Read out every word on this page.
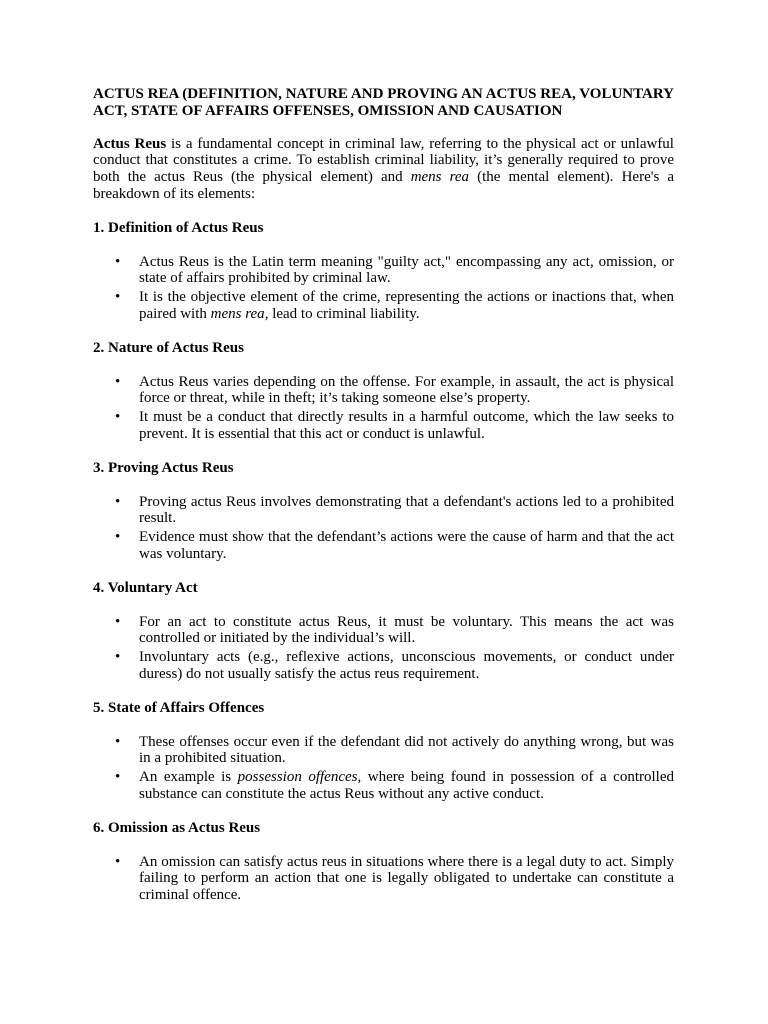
ACTUS REA (DEFINITION, NATURE AND PROVING AN ACTUS REA, VOLUNTARY ACT, STATE OF AFFAIRS OFFENSES, OMISSION AND CAUSATION

Actus Reus is a fundamental concept in criminal law, referring to the physical act or unlawful conduct that constitutes a crime. To establish criminal liability, it’s generally required to prove both the actus Reus (the physical element) and mens rea (the mental element). Here's a breakdown of its elements:

1. Definition of Actus Reus
• Actus Reus is the Latin term meaning "guilty act," encompassing any act, omission, or state of affairs prohibited by criminal law.
• It is the objective element of the crime, representing the actions or inactions that, when paired with mens rea, lead to criminal liability.
2. Nature of Actus Reus
• Actus Reus varies depending on the offense. For example, in assault, the act is physical force or threat, while in theft; it’s taking someone else’s property.
• It must be a conduct that directly results in a harmful outcome, which the law seeks to prevent. It is essential that this act or conduct is unlawful.
3. Proving Actus Reus
• Proving actus Reus involves demonstrating that a defendant's actions led to a prohibited result.
• Evidence must show that the defendant’s actions were the cause of harm and that the act was voluntary.
4. Voluntary Act
• For an act to constitute actus Reus, it must be voluntary. This means the act was controlled or initiated by the individual’s will.
• Involuntary acts (e.g., reflexive actions, unconscious movements, or conduct under duress) do not usually satisfy the actus reus requirement.
5. State of Affairs Offences
• These offenses occur even if the defendant did not actively do anything wrong, but was in a prohibited situation.
• An example is possession offences, where being found in possession of a controlled substance can constitute the actus Reus without any active conduct.
6. Omission as Actus Reus
• An omission can satisfy actus reus in situations where there is a legal duty to act. Simply failing to perform an action that one is legally obligated to undertake can constitute a criminal offence.
